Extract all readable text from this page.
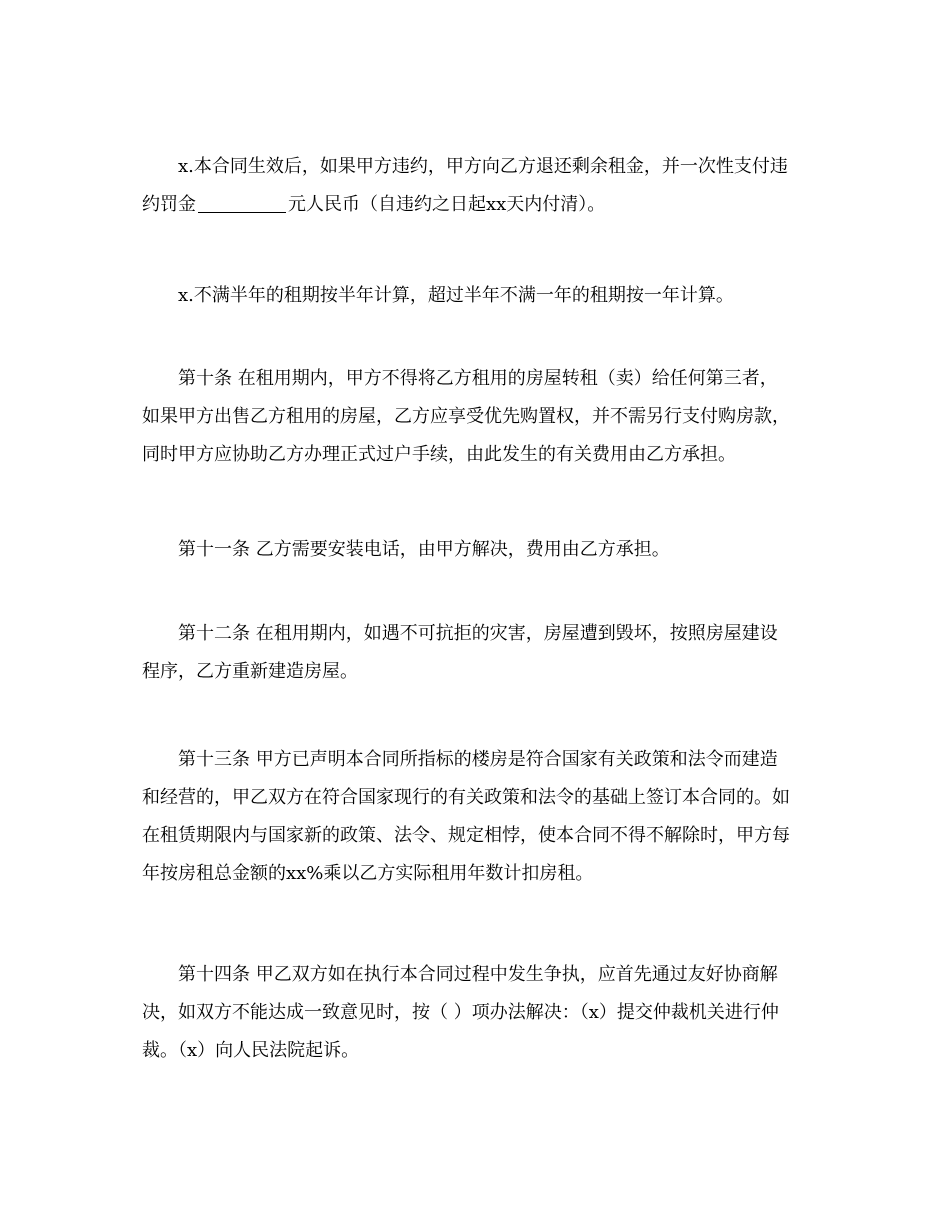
x.本合同生效后，如果甲方违约，甲方向乙方退还剩余租金，并一次性支付违
约罚金	元人民币（自违约之日起xx天内付清）。
x.不满半年的租期按半年计算，超过半年不满一年的租期按一年计算。
第十条 在租用期内，甲方不得将乙方租用的房屋转租（卖）给任何第三者，
如果甲方出售乙方租用的房屋，乙方应享受优先购置权，并不需另行支付购房款，
同时甲方应协助乙方办理正式过户手续，由此发生的有关费用由乙方承担。
第十一条 乙方需要安装电话，由甲方解决，费用由乙方承担。
第十二条 在租用期内，如遇不可抗拒的灾害，房屋遭到毁坏，按照房屋建设
程序，乙方重新建造房屋。
第十三条 甲方已声明本合同所指标的楼房是符合国家有关政策和法令而建造
和经营的，甲乙双方在符合国家现行的有关政策和法令的基础上签订本合同的。如
在租赁期限内与国家新的政策、法令、规定相悖，使本合同不得不解除时，甲方每
年按房租总金额的xx%乘以乙方实际租用年数计扣房租。
第十四条 甲乙双方如在执行本合同过程中发生争执，应首先通过友好协商解
决，如双方不能达成一致意见时，按（ ）项办法解决：（x）提交仲裁机关进行仲
裁。（x）向人民法院起诉。
